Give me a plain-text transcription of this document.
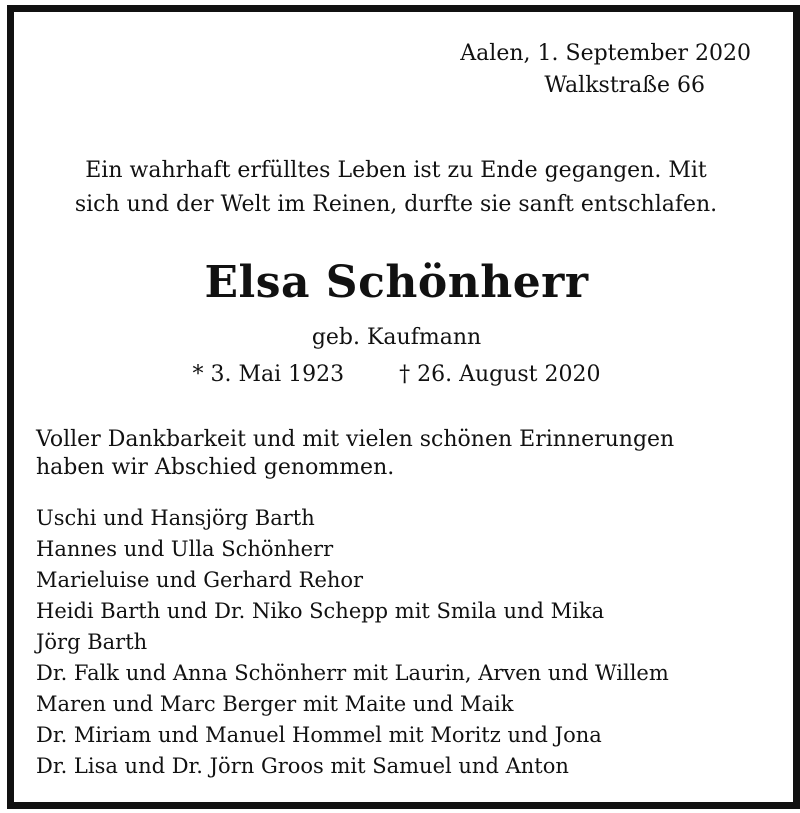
Aalen, 1. September 2020
Walkstraße 66
Ein wahrhaft erfülltes Leben ist zu Ende gegangen. Mit
sich und der Welt im Reinen, durfte sie sanft entschlafen.
Elsa Schönherr
geb. Kaufmann
* 3. Mai 1923	† 26. August 2020
Voller Dankbarkeit und mit vielen schönen Erinnerungen
haben wir Abschied genommen.
Uschi und Hansjörg Barth
Hannes und Ulla Schönherr
Marieluise und Gerhard Rehor
Heidi Barth und Dr. Niko Schepp mit Smila und Mika
Jörg Barth
Dr. Falk und Anna Schönherr mit Laurin, Arven und Willem
Maren und Marc Berger mit Maite und Maik
Dr. Miriam und Manuel Hommel mit Moritz und Jona
Dr. Lisa und Dr. Jörn Groos mit Samuel und Anton
